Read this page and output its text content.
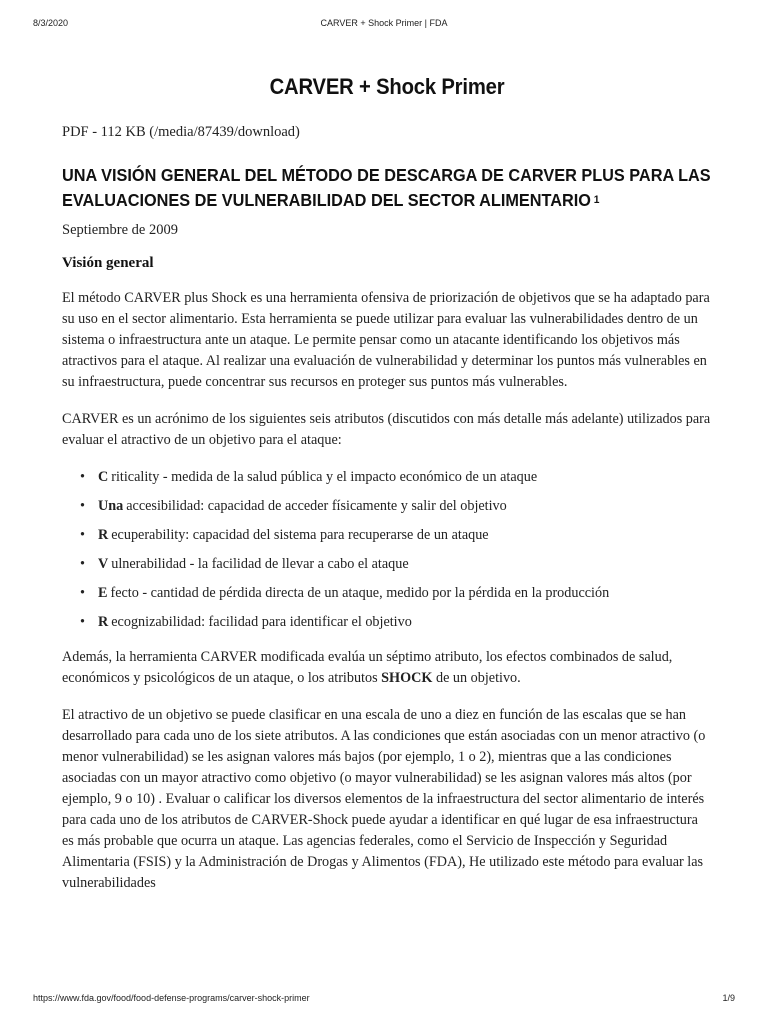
8/3/2020	CARVER + Shock Primer | FDA
CARVER + Shock Primer
PDF - 112 KB (/media/87439/download)
UNA VISIÓN GENERAL DEL MÉTODO DE DESCARGA DE CARVER PLUS PARA LAS EVALUACIONES DE VULNERABILIDAD DEL SECTOR ALIMENTARIO $^1$
Septiembre de 2009
Visión general

El método CARVER plus Shock es una herramienta ofensiva de priorización de objetivos que se ha adaptado para su uso en el sector alimentario. Esta herramienta se puede utilizar para evaluar las vulnerabilidades dentro de un sistema o infraestructura ante un ataque. Le permite pensar como un atacante identificando los objetivos más atractivos para el ataque. Al realizar una evaluación de vulnerabilidad y determinar los puntos más vulnerables en su infraestructura, puede concentrar sus recursos en proteger sus puntos más vulnerables.

CARVER es un acrónimo de los siguientes seis atributos (discutidos con más detalle más adelante) utilizados para evaluar el atractivo de un objetivo para el ataque:

• C riticality - medida de la salud pública y el impacto económico de un ataque
• Una accesibilidad: capacidad de acceder físicamente y salir del objetivo
• R ecuperability: capacidad del sistema para recuperarse de un ataque
• V ulnerabilidad - la facilidad de llevar a cabo el ataque
• E fecto - cantidad de pérdida directa de un ataque, medido por la pérdida en la producción
• R ecognizabilidad: facilidad para identificar el objetivo

Además, la herramienta CARVER modificada evalúa un séptimo atributo, los efectos combinados de salud, económicos y psicológicos de un ataque, o los atributos SHOCK de un objetivo.

El atractivo de un objetivo se puede clasificar en una escala de uno a diez en función de las escalas que se han desarrollado para cada uno de los siete atributos. A las condiciones que están asociadas con un menor atractivo (o menor vulnerabilidad) se les asignan valores más bajos (por ejemplo, 1 o 2), mientras que a las condiciones asociadas con un mayor atractivo como objetivo (o mayor vulnerabilidad) se les asignan valores más altos (por ejemplo, 9 o 10) . Evaluar o calificar los diversos elementos de la infraestructura del sector alimentario de interés para cada uno de los atributos de CARVER-Shock puede ayudar a identificar en qué lugar de esa infraestructura es más probable que ocurra un ataque. Las agencias federales, como el Servicio de Inspección y Seguridad Alimentaria (FSIS) y la Administración de Drogas y Alimentos (FDA), He utilizado este método para evaluar las vulnerabilidades

https://www.fda.gov/food/food-defense-programs/carver-shock-primer	1/9
